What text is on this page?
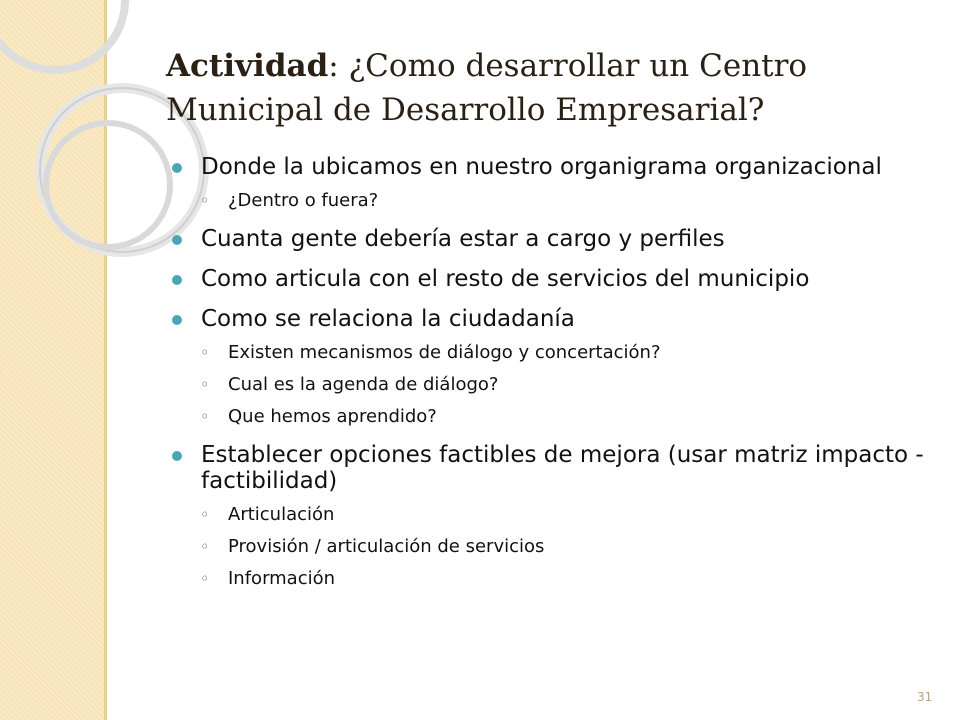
Actividad: ¿Como desarrollar un Centro Municipal de Desarrollo Empresarial?
Donde la ubicamos en nuestro organigrama organizacional
◦ ¿Dentro o fuera?
Cuanta gente debería estar a cargo y perfiles
Como articula con el resto de servicios del municipio
Como se relaciona la ciudadanía
◦ Existen mecanismos de diálogo y concertación?
◦ Cual es la agenda de diálogo?
◦ Que hemos aprendido?
Establecer opciones factibles de mejora (usar matriz impacto - factibilidad)
◦ Articulación
◦ Provisión / articulación de servicios
◦ Información
31
